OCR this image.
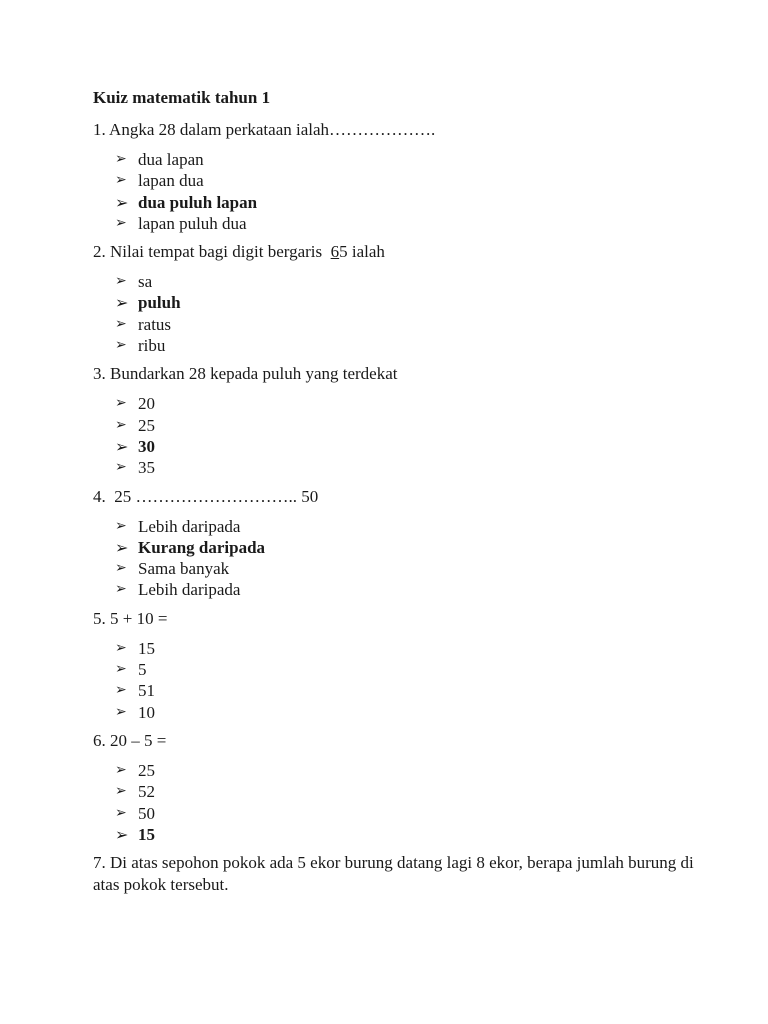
Kuiz matematik tahun 1

1. Angka 28 dalam perkataan ialah……………….

➢ dua lapan
➢ lapan dua
➢ dua puluh lapan
➢ lapan puluh dua

2. Nilai tempat bagi digit bergaris  65 ialah

➢ sa
➢ puluh
➢ ratus
➢ ribu

3. Bundarkan 28 kepada puluh yang terdekat

➢ 20
➢ 25
➢ 30
➢ 35

4.  25 ……………………….. 50

➢ Lebih daripada
➢ Kurang daripada
➢ Sama banyak
➢ Lebih daripada

5. 5 + 10 =

➢ 15
➢ 5
➢ 51
➢ 10

6. 20 – 5 =

➢ 25
➢ 52
➢ 50
➢ 15

7. Di atas sepohon pokok ada 5 ekor burung datang lagi 8 ekor, berapa jumlah burung di atas pokok tersebut.
